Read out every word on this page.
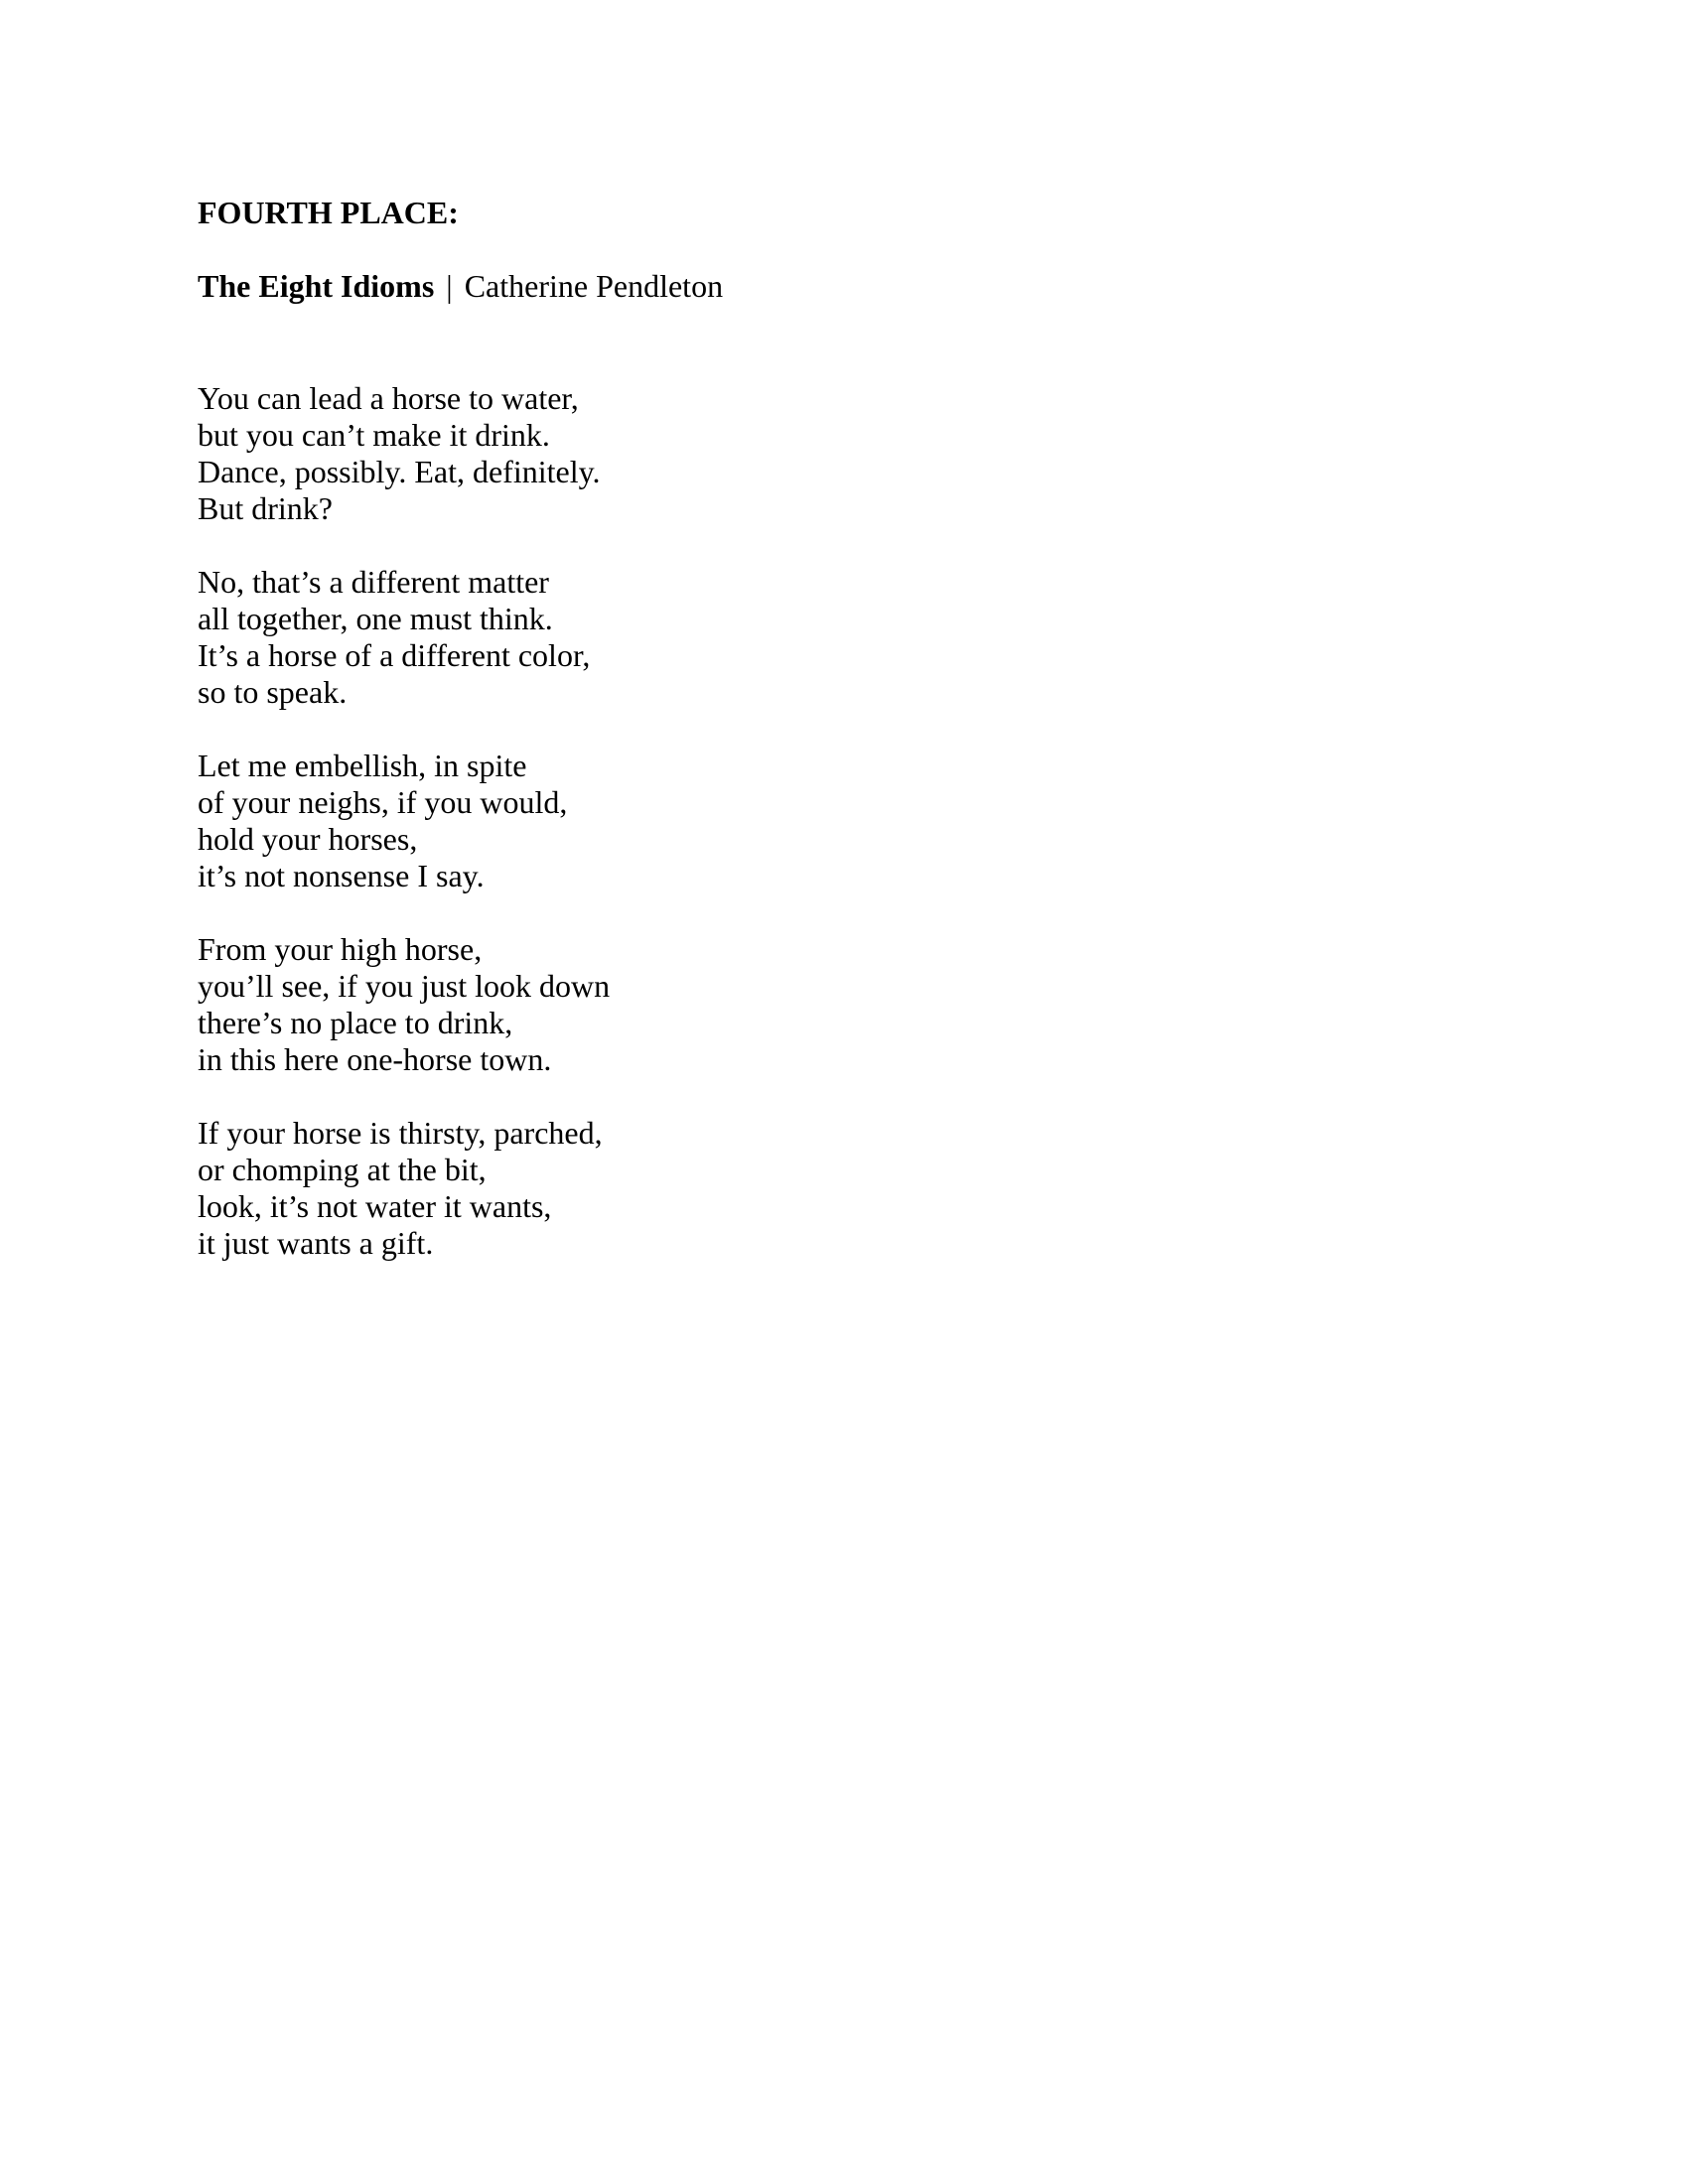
FOURTH PLACE:
The Eight Idioms | Catherine Pendleton
You can lead a horse to water,
but you can’t make it drink.
Dance, possibly. Eat, definitely.
But drink?
No, that’s a different matter
all together, one must think.
It’s a horse of a different color,
so to speak.
Let me embellish, in spite
of your neighs, if you would,
hold your horses,
it’s not nonsense I say.
From your high horse,
you’ll see, if you just look down
there’s no place to drink,
in this here one-horse town.
If your horse is thirsty, parched,
or chomping at the bit,
look, it’s not water it wants,
it just wants a gift.
